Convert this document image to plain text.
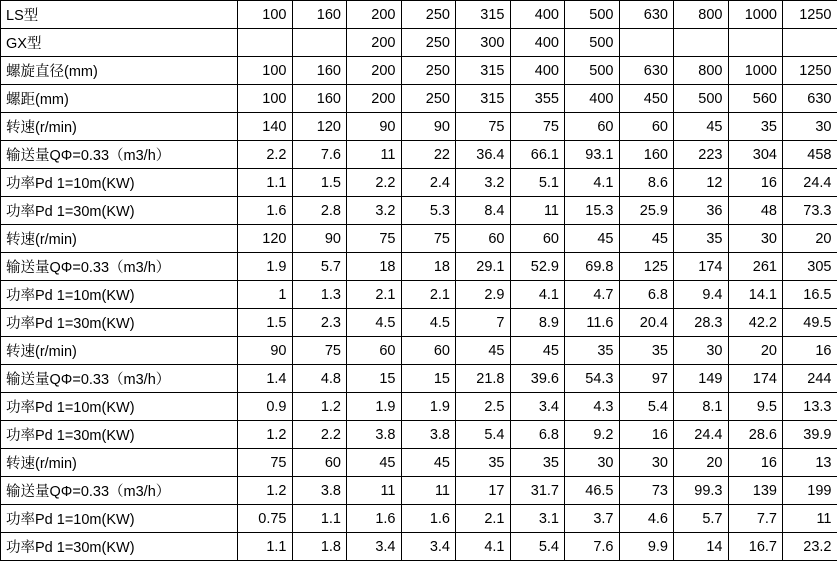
LS型	100	160	200	250	315	400	500	630	800	1000	1250
GX型			200	250	300	400	500				
螺旋直径(mm)	100	160	200	250	315	400	500	630	800	1000	1250
螺距(mm)	100	160	200	250	315	355	400	450	500	560	630
转速(r/min)	140	120	90	90	75	75	60	60	45	35	30
输送量QΦ=0.33（m3/h）	2.2	7.6	11	22	36.4	66.1	93.1	160	223	304	458
功率Pd 1=10m(KW)	1.1	1.5	2.2	2.4	3.2	5.1	4.1	8.6	12	16	24.4
功率Pd 1=30m(KW)	1.6	2.8	3.2	5.3	8.4	11	15.3	25.9	36	48	73.3
转速(r/min)	120	90	75	75	60	60	45	45	35	30	20
输送量QΦ=0.33（m3/h）	1.9	5.7	18	18	29.1	52.9	69.8	125	174	261	305
功率Pd 1=10m(KW)	1	1.3	2.1	2.1	2.9	4.1	4.7	6.8	9.4	14.1	16.5
功率Pd 1=30m(KW)	1.5	2.3	4.5	4.5	7	8.9	11.6	20.4	28.3	42.2	49.5
转速(r/min)	90	75	60	60	45	45	35	35	30	20	16
输送量QΦ=0.33（m3/h）	1.4	4.8	15	15	21.8	39.6	54.3	97	149	174	244
功率Pd 1=10m(KW)	0.9	1.2	1.9	1.9	2.5	3.4	4.3	5.4	8.1	9.5	13.3
功率Pd 1=30m(KW)	1.2	2.2	3.8	3.8	5.4	6.8	9.2	16	24.4	28.6	39.9
转速(r/min)	75	60	45	45	35	35	30	30	20	16	13
输送量QΦ=0.33（m3/h）	1.2	3.8	11	11	17	31.7	46.5	73	99.3	139	199
功率Pd 1=10m(KW)	0.75	1.1	1.6	1.6	2.1	3.1	3.7	4.6	5.7	7.7	11
功率Pd 1=30m(KW)	1.1	1.8	3.4	3.4	4.1	5.4	7.6	9.9	14	16.7	23.2
